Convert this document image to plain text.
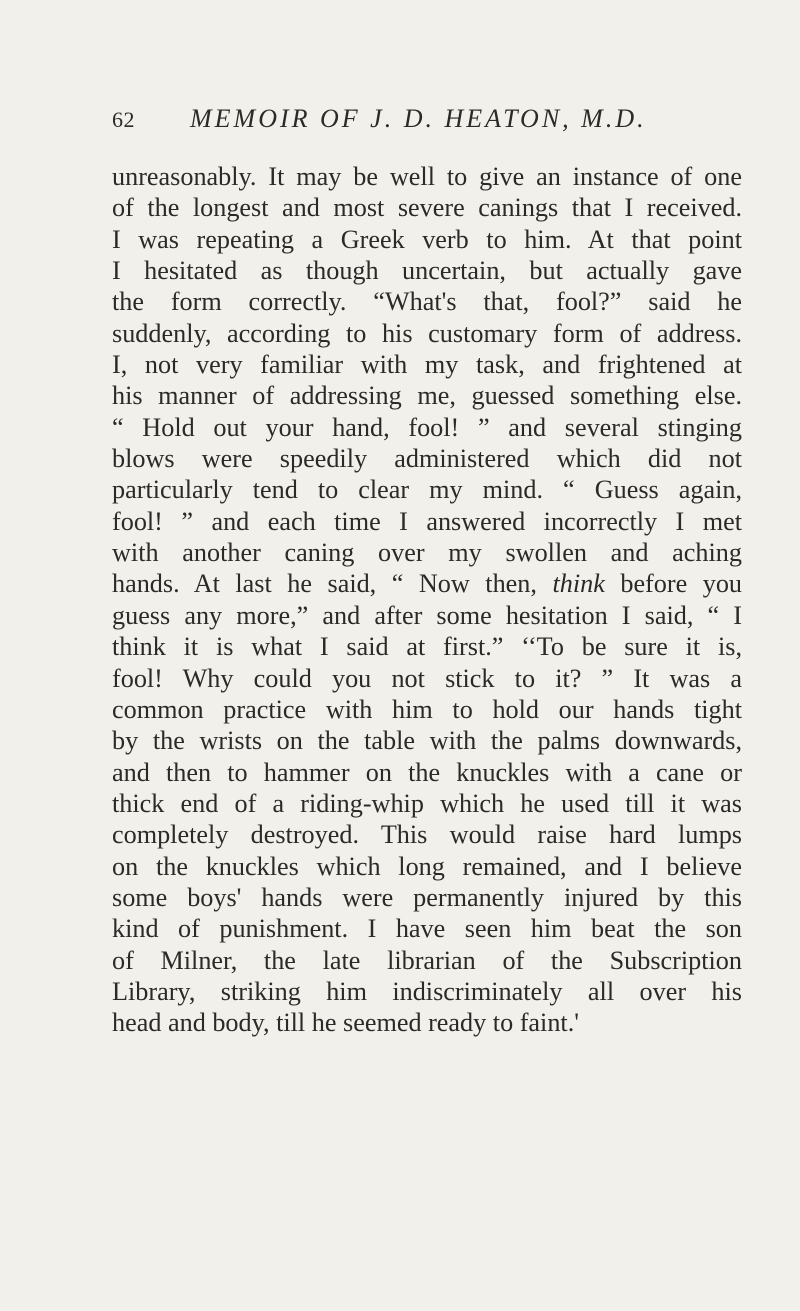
62	MEMOIR OF J. D. HEATON, M.D.
unreasonably. It may be well to give an instance of one
of the longest and most severe canings that I received.
I was repeating a Greek verb to him. At that point
I hesitated as though uncertain, but actually gave
the form correctly. “What's that, fool?” said he
suddenly, according to his customary form of address.
I, not very familiar with my task, and frightened at
his manner of addressing me, guessed something else.
“ Hold out your hand, fool! ” and several stinging
blows were speedily administered which did not
particularly tend to clear my mind. “ Guess again,
fool! ” and each time I answered incorrectly I met
with another caning over my swollen and aching
hands. At last he said, “ Now then, think before you
guess any more,” and after some hesitation I said, “ I
think it is what I said at first.” ‘‘To be sure it is,
fool! Why could you not stick to it? ” It was a
common practice with him to hold our hands tight
by the wrists on the table with the palms downwards,
and then to hammer on the knuckles with a cane or
thick end of a riding-whip which he used till it was
completely destroyed. This would raise hard lumps
on the knuckles which long remained, and I believe
some boys' hands were permanently injured by this
kind of punishment. I have seen him beat the son
of Milner, the late librarian of the Subscription
Library, striking him indiscriminately all over his
head and body, till he seemed ready to faint.'
